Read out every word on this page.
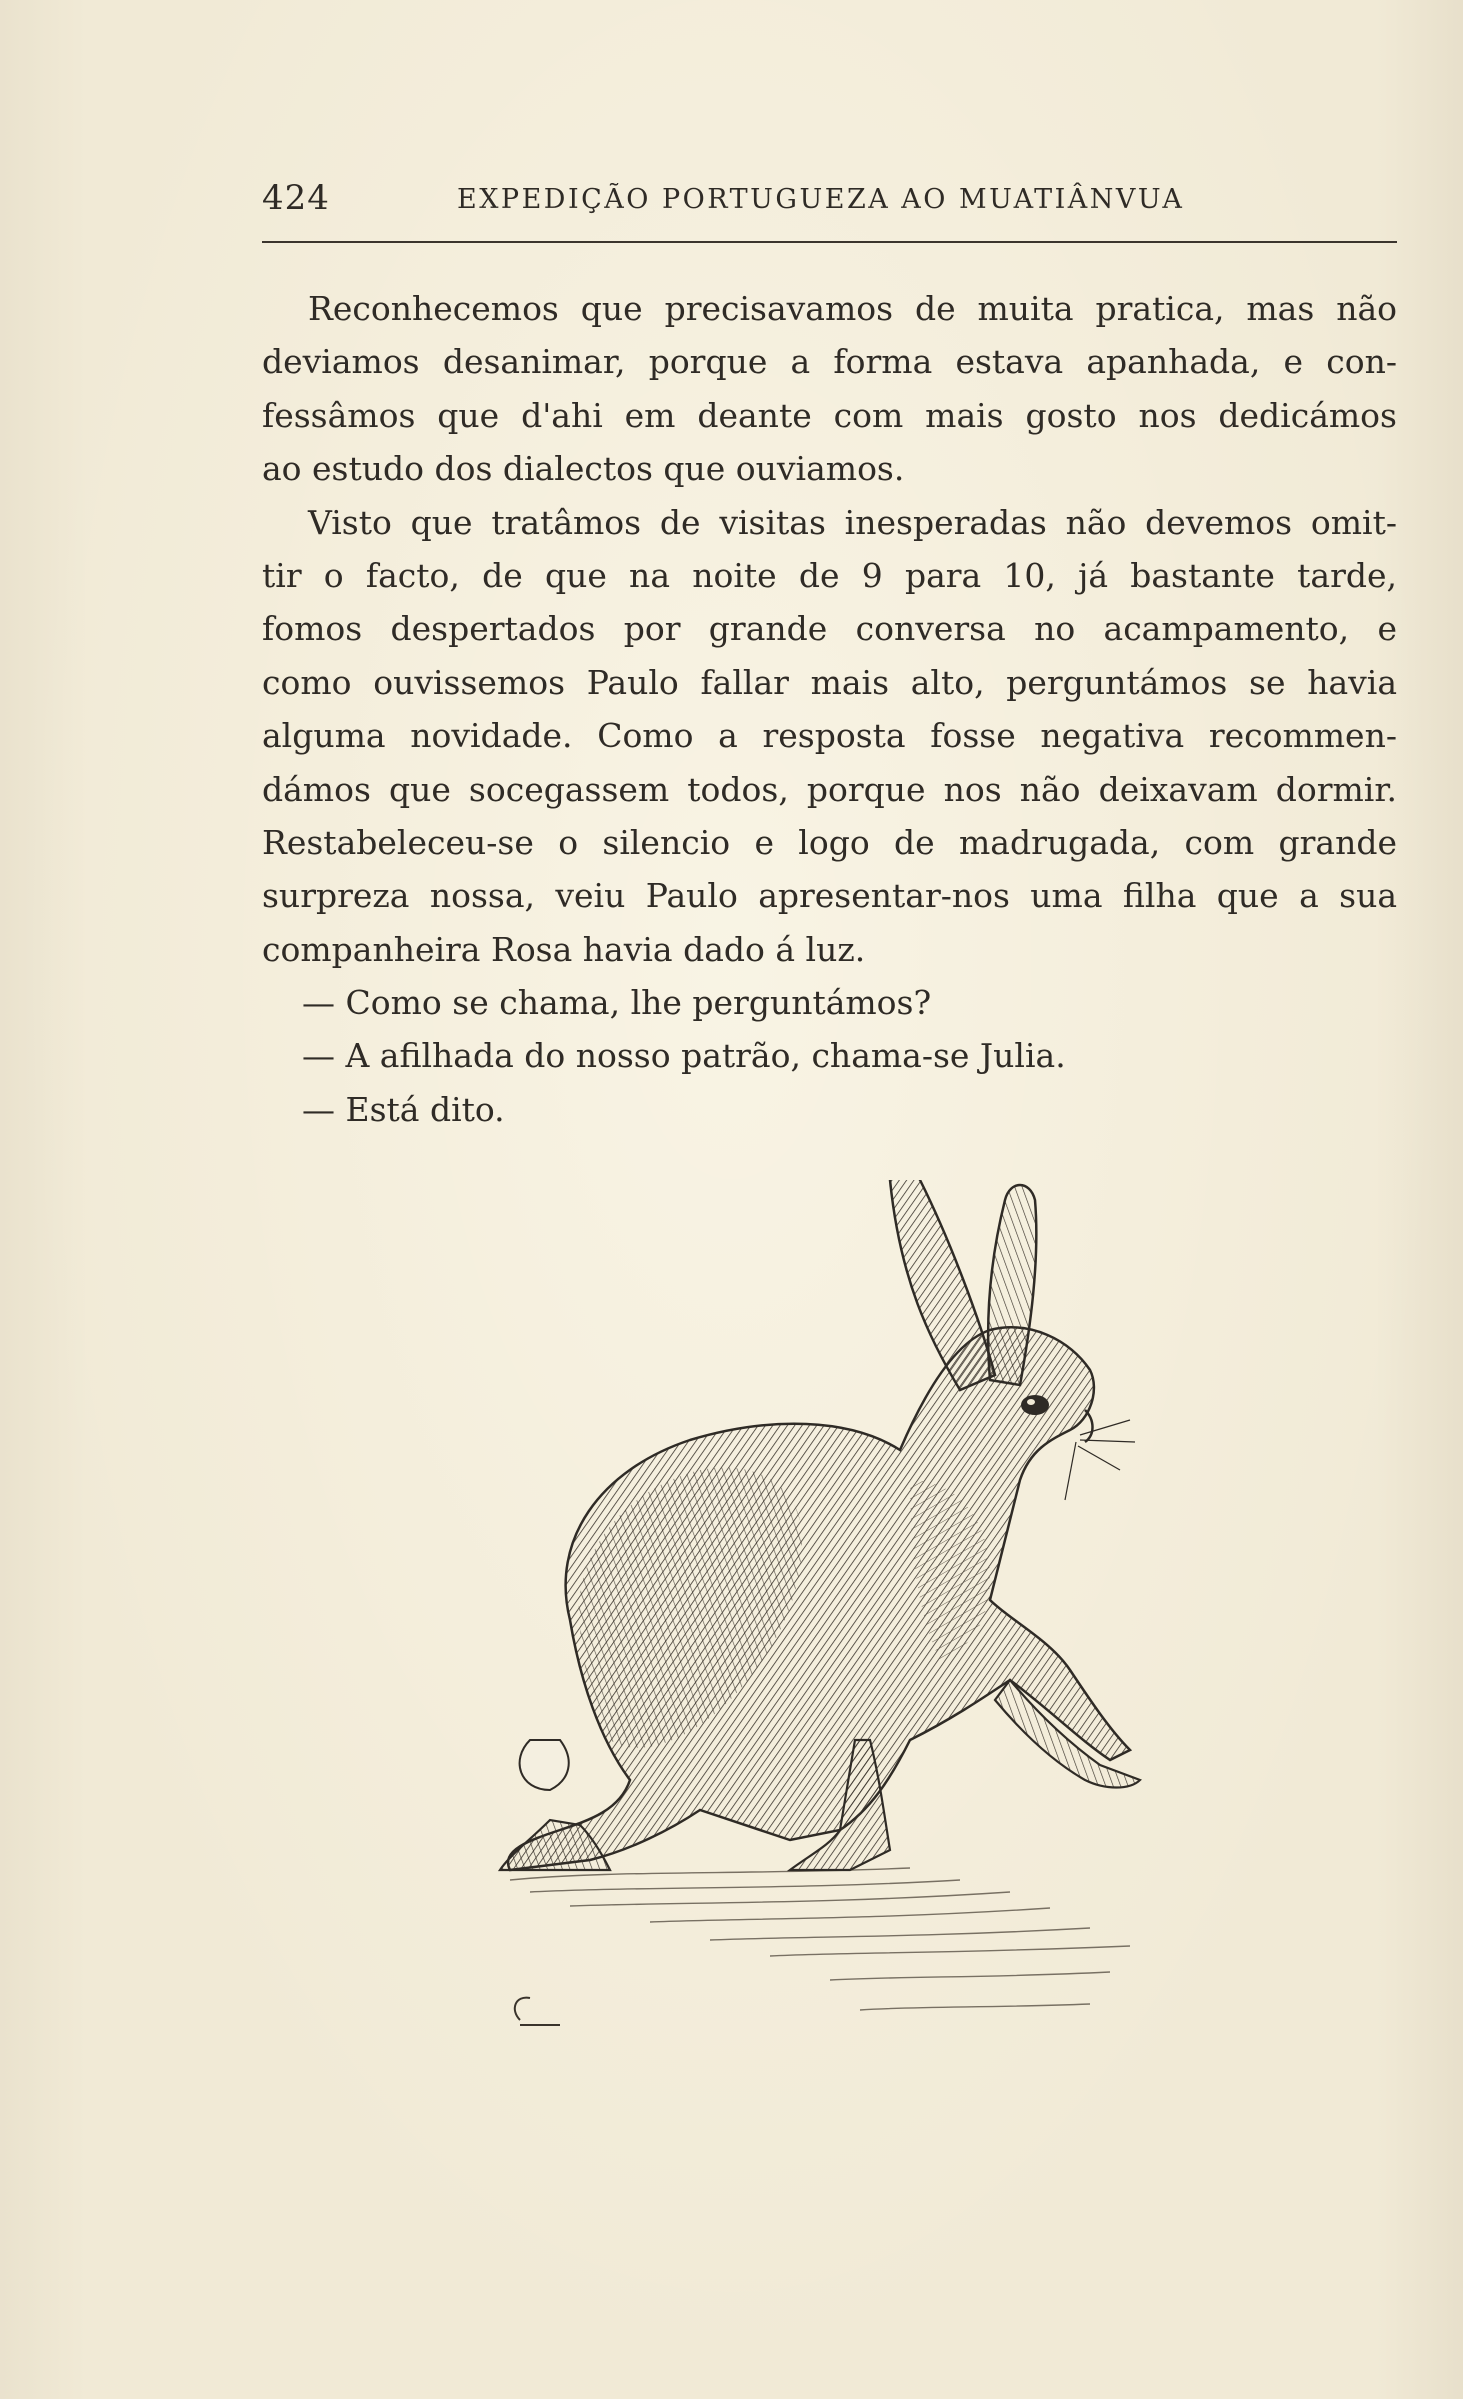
424	EXPEDIÇÃO PORTUGUEZA AO MUATIÂNVUA
Reconhecemos que precisavamos de muita pratica, mas não
deviamos desanimar, porque a forma estava apanhada, e con-
fessâmos que d'ahi em deante com mais gosto nos dedicámos
ao estudo dos dialectos que ouviamos.
Visto que tratâmos de visitas inesperadas não devemos omit-
tir o facto, de que na noite de 9 para 10, já bastante tarde,
fomos despertados por grande conversa no acampamento, e
como ouvissemos Paulo fallar mais alto, perguntámos se havia
alguma novidade. Como a resposta fosse negativa recommen-
dámos que socegassem todos, porque nos não deixavam dormir.
Restabeleceu-se o silencio e logo de madrugada, com grande
surpreza nossa, veiu Paulo apresentar-nos uma filha que a sua
companheira Rosa havia dado á luz.
— Como se chama, lhe perguntámos?
— A afilhada do nosso patrão, chama-se Julia.
— Está dito.
